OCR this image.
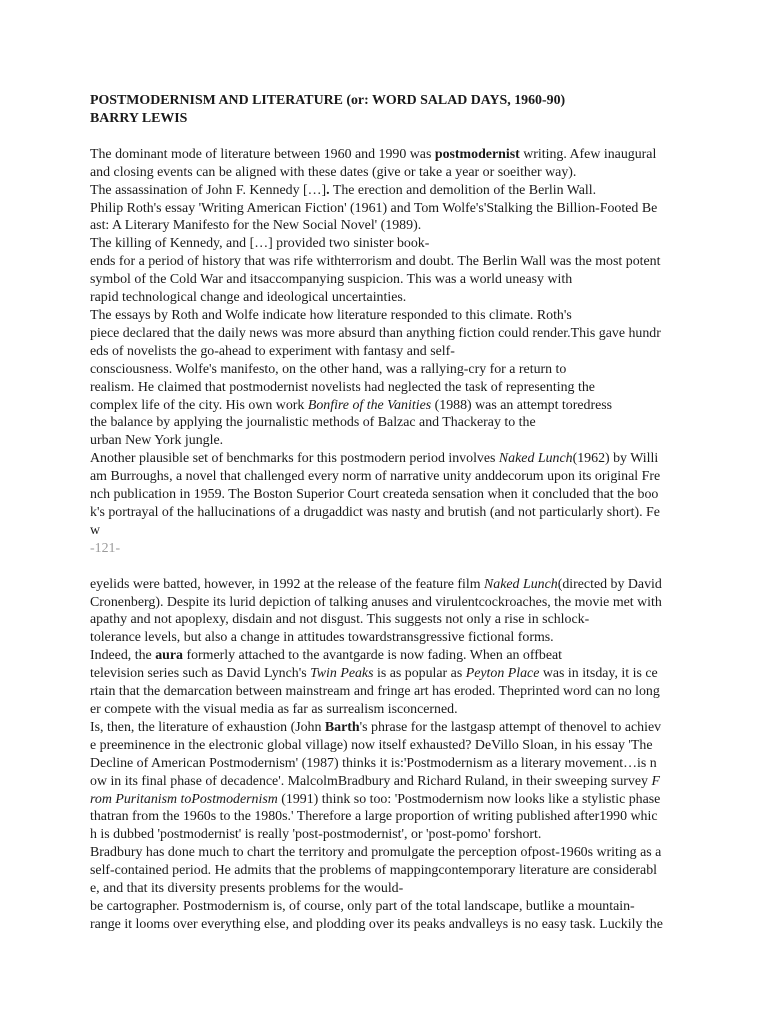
POSTMODERNISM AND LITERATURE (or: WORD SALAD DAYS, 1960-90)
BARRY LEWIS
The dominant mode of literature between 1960 and 1990 was postmodernist writing. Afew inaugural
and closing events can be aligned with these dates (give or take a year or soeither way).
The assassination of John F. Kennedy […]. The erection and demolition of the Berlin Wall.
Philip Roth's essay 'Writing American Fiction' (1961) and Tom Wolfe's'Stalking the Billion-Footed Be
ast: A Literary Manifesto for the New Social Novel' (1989).
The killing of Kennedy, and […] provided two sinister book-
ends for a period of history that was rife withterrorism and doubt. The Berlin Wall was the most potent
symbol of the Cold War and itsaccompanying suspicion. This was a world uneasy with
rapid technological change and ideological uncertainties.
The essays by Roth and Wolfe indicate how literature responded to this climate. Roth's
piece declared that the daily news was more absurd than anything fiction could render.This gave hundr
eds of novelists the go-ahead to experiment with fantasy and self-
consciousness. Wolfe's manifesto, on the other hand, was a rallying-cry for a return to
realism. He claimed that postmodernist novelists had neglected the task of representing the
complex life of the city. His own work Bonfire of the Vanities (1988) was an attempt toredress
the balance by applying the journalistic methods of Balzac and Thackeray to the
urban New York jungle.
Another plausible set of benchmarks for this postmodern period involves Naked Lunch(1962) by Willi
am Burroughs, a novel that challenged every norm of narrative unity anddecorum upon its original Fre
nch publication in 1959. The Boston Superior Court createda sensation when it concluded that the boo
k's portrayal of the hallucinations of a drugaddict was nasty and brutish (and not particularly short). Fe
w
-121-
eyelids were batted, however, in 1992 at the release of the feature film Naked Lunch(directed by David
Cronenberg). Despite its lurid depiction of talking anuses and virulentcockroaches, the movie met with
apathy and not apoplexy, disdain and not disgust. This suggests not only a rise in schlock-
tolerance levels, but also a change in attitudes towardstransgressive fictional forms.
Indeed, the aura formerly attached to the avantgarde is now fading. When an offbeat
television series such as David Lynch's Twin Peaks is as popular as Peyton Place was in itsday, it is ce
rtain that the demarcation between mainstream and fringe art has eroded. Theprinted word can no long
er compete with the visual media as far as surrealism isconcerned.
Is, then, the literature of exhaustion (John Barth's phrase for the lastgasp attempt of thenovel to achiev
e preeminence in the electronic global village) now itself exhausted? DeVillo Sloan, in his essay 'The
Decline of American Postmodernism' (1987) thinks it is:'Postmodernism as a literary movement…is n
ow in its final phase of decadence'. MalcolmBradbury and Richard Ruland, in their sweeping survey F
rom Puritanism toPostmodernism (1991) think so too: 'Postmodernism now looks like a stylistic phase
thatran from the 1960s to the 1980s.' Therefore a large proportion of writing published after1990 whic
h is dubbed 'postmodernist' is really 'post-postmodernist', or 'post-pomo' forshort.
Bradbury has done much to chart the territory and promulgate the perception ofpost-1960s writing as a
self-contained period. He admits that the problems of mappingcontemporary literature are considerabl
e, and that its diversity presents problems for the would-
be cartographer. Postmodernism is, of course, only part of the total landscape, butlike a mountain-
range it looms over everything else, and plodding over its peaks andvalleys is no easy task. Luckily the
